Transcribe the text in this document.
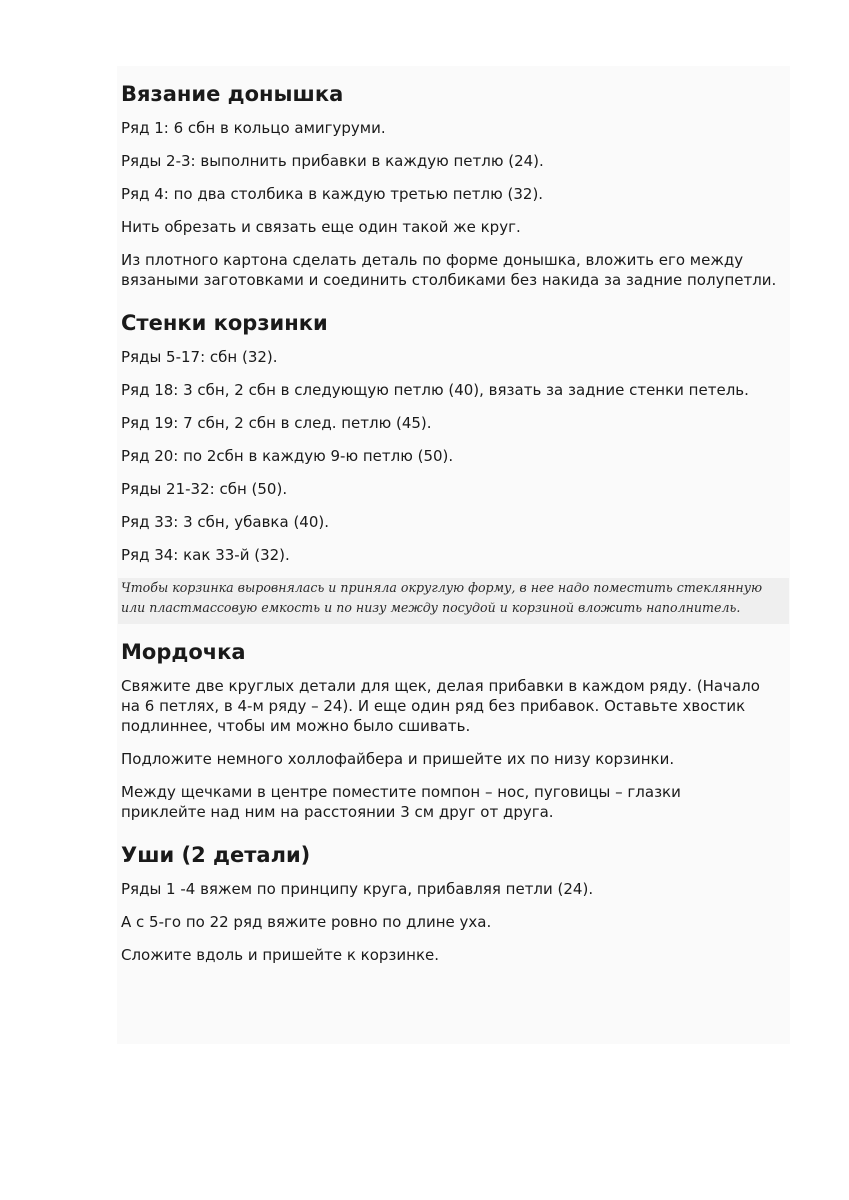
Вязание донышка

Ряд 1: 6 сбн в кольцо амигуруми.

Ряды 2-3: выполнить прибавки в каждую петлю (24).

Ряд 4: по два столбика в каждую третью петлю (32).

Нить обрезать и связать еще один такой же круг.

Из плотного картона сделать деталь по форме донышка, вложить его между вязаными заготовками и соединить столбиками без накида за задние полупетли.

Стенки корзинки

Ряды 5-17: сбн (32).

Ряд 18: 3 сбн, 2 сбн в следующую петлю (40), вязать за задние стенки петель.

Ряд 19: 7 сбн, 2 сбн в след. петлю (45).

Ряд 20: по 2сбн в каждую 9-ю петлю (50).

Ряды 21-32: сбн (50).

Ряд 33: 3 сбн, убавка (40).

Ряд 34: как 33-й (32).

Чтобы корзинка выровнялась и приняла округлую форму, в нее надо поместить стеклянную или пластмассовую емкость и по низу между посудой и корзиной вложить наполнитель.
Мордочка

Свяжите две круглых детали для щек, делая прибавки в каждом ряду. (Начало на 6 петлях, в 4-м ряду – 24). И еще один ряд без прибавок. Оставьте хвостик подлиннее, чтобы им можно было сшивать.

Подложите немного холлофайбера и пришейте их по низу корзинки.

Между щечками в центре поместите помпон – нос, пуговицы – глазки приклейте над ним на расстоянии 3 см друг от друга.

Уши (2 детали)

Ряды 1 -4 вяжем по принципу круга, прибавляя петли (24).

А с 5-го по 22 ряд вяжите ровно по длине уха.

Сложите вдоль и пришейте к корзинке.
